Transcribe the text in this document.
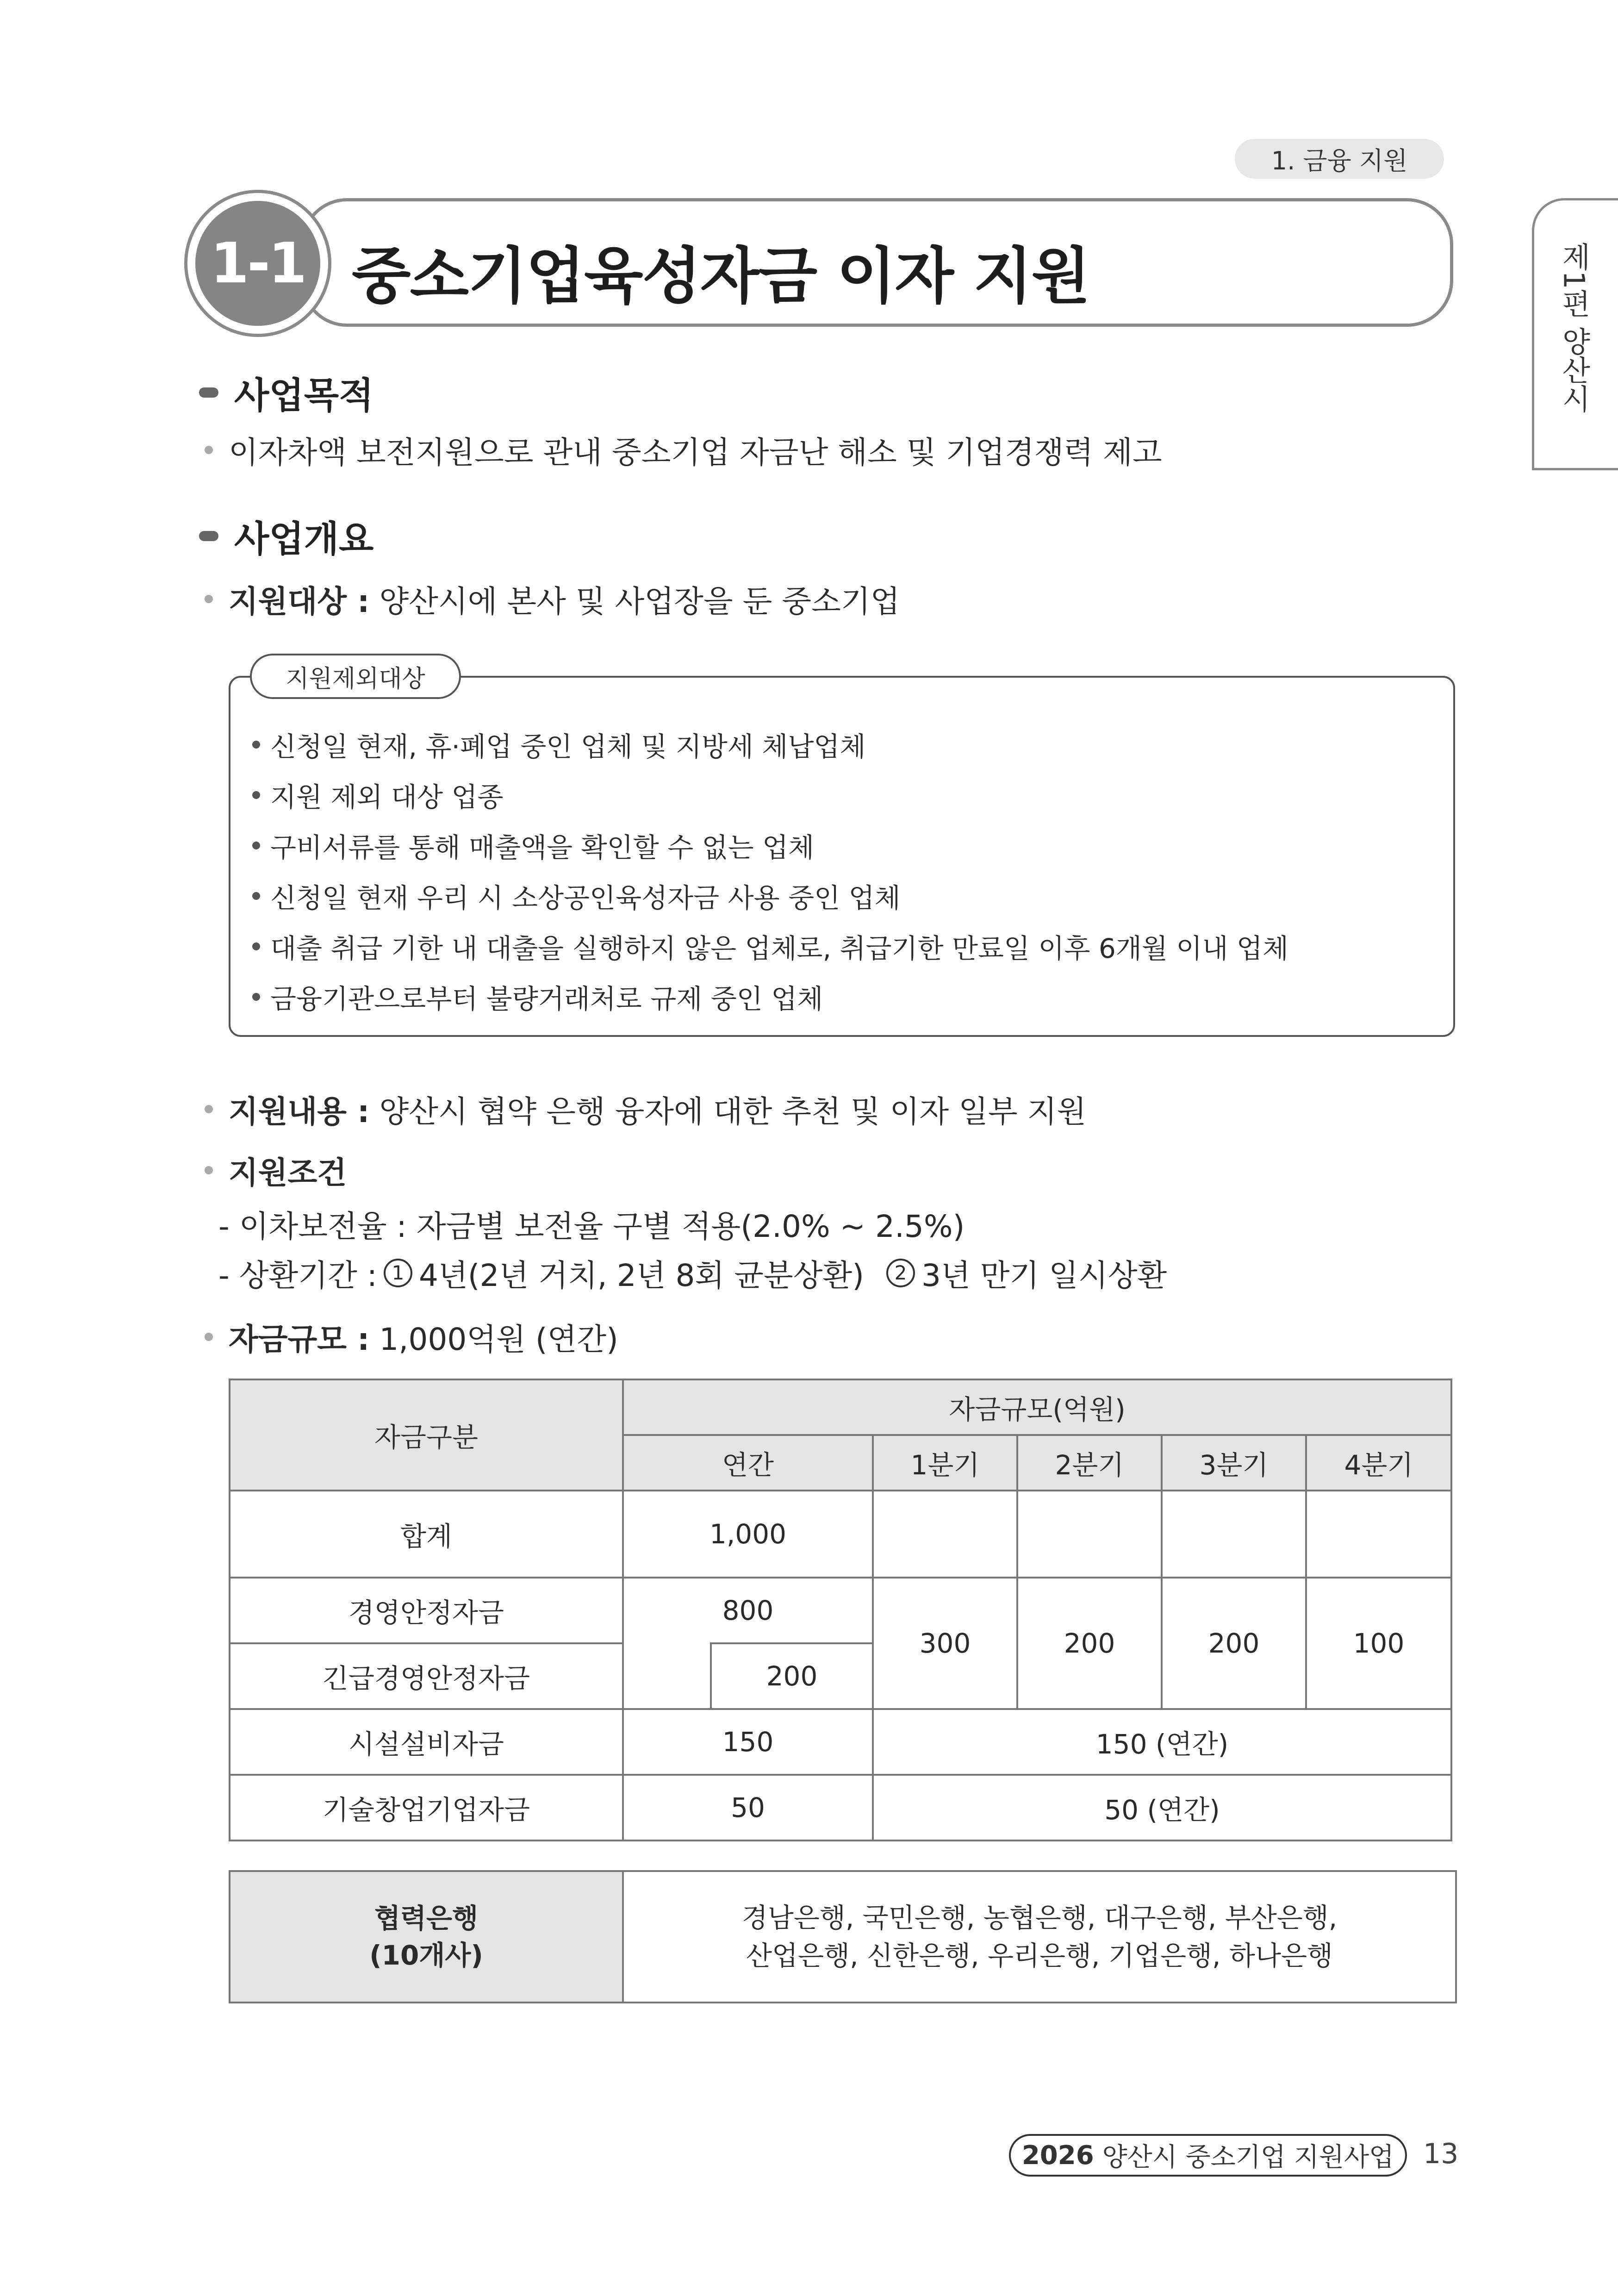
1. 금융 지원
제1편 양산시
1-1 중소기업육성자금 이자 지원
사업목적
이자차액 보전지원으로 관내 중소기업 자금난 해소 및 기업경쟁력 제고
사업개요
지원대상 : 양산시에 본사 및 사업장을 둔 중소기업
지원제외대상
신청일 현재, 휴·폐업 중인 업체 및 지방세 체납업체
지원 제외 대상 업종
구비서류를 통해 매출액을 확인할 수 없는 업체
신청일 현재 우리 시 소상공인육성자금 사용 중인 업체
대출 취급 기한 내 대출을 실행하지 않은 업체로, 취급기한 만료일 이후 6개월 이내 업체
금융기관으로부터 불량거래처로 규제 중인 업체
지원내용 : 양산시 협약 은행 융자에 대한 추천 및 이자 일부 지원
지원조건
- 이차보전율 : 자금별 보전율 구별 적용(2.0% ~ 2.5%)
- 상환기간 : 1 4년(2년 거치, 2년 8회 균분상환)	2 3년 만기 일시상환
자금규모 : 1,000억원 (연간)
자금구분	자금규모(억원)					
	연간		1분기	2분기	3분기	4분기
합계	1,000					
경영안정자금	800		300	200	200	100
긴급경영안정자금		200				
시설설비자금	150		150 (연간)			
기술창업기업자금	50		50 (연간)			
협력은행
(10개사)

경남은행, 국민은행, 농협은행, 대구은행, 부산은행,
산업은행, 신한은행, 우리은행, 기업은행, 하나은행
2026 양산시 중소기업 지원사업 13
